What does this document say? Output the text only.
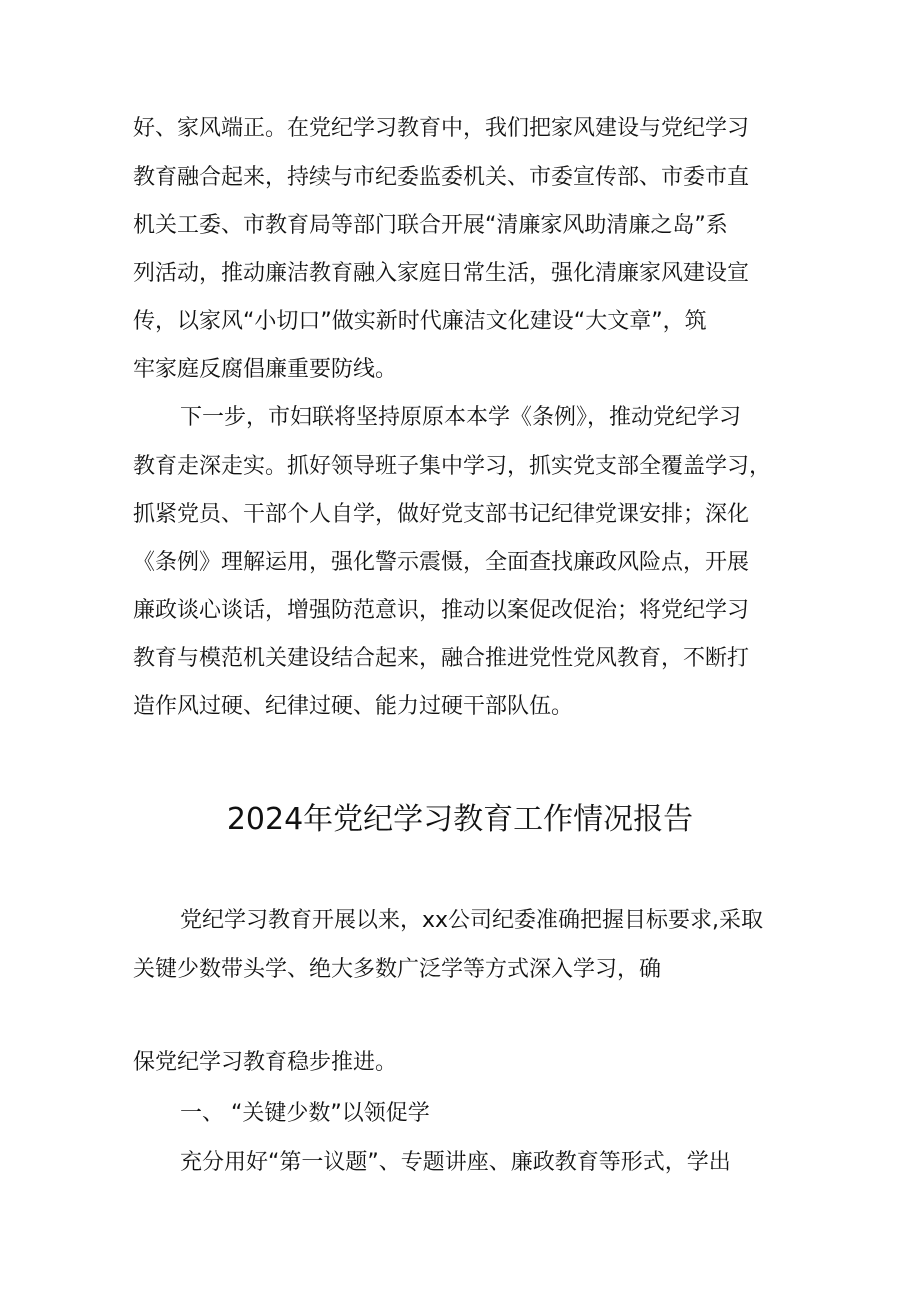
好、家风端正。在党纪学习教育中，我们把家风建设与党纪学习
教育融合起来，持续与市纪委监委机关、市委宣传部、市委市直
机关工委、市教育局等部门联合开展“清廉家风助清廉之岛”系
列活动，推动廉洁教育融入家庭日常生活，强化清廉家风建设宣
传，以家风“小切口”做实新时代廉洁文化建设“大文章”，筑
牢家庭反腐倡廉重要防线。
下一步，市妇联将坚持原原本本学《条例》，推动党纪学习
教育走深走实。抓好领导班子集中学习，抓实党支部全覆盖学习，
抓紧党员、干部个人自学，做好党支部书记纪律党课安排；深化
《条例》理解运用，强化警示震慑，全面查找廉政风险点，开展
廉政谈心谈话，增强防范意识，推动以案促改促治；将党纪学习
教育与模范机关建设结合起来，融合推进党性党风教育，不断打
造作风过硬、纪律过硬、能力过硬干部队伍。
2024年党纪学习教育工作情况报告
党纪学习教育开展以来，xx公司纪委准确把握目标要求,采取
关键少数带头学、绝大多数广泛学等方式深入学习，确
保党纪学习教育稳步推进。
一、 “关键少数”以领促学
充分用好“第一议题”、专题讲座、廉政教育等形式，学出
